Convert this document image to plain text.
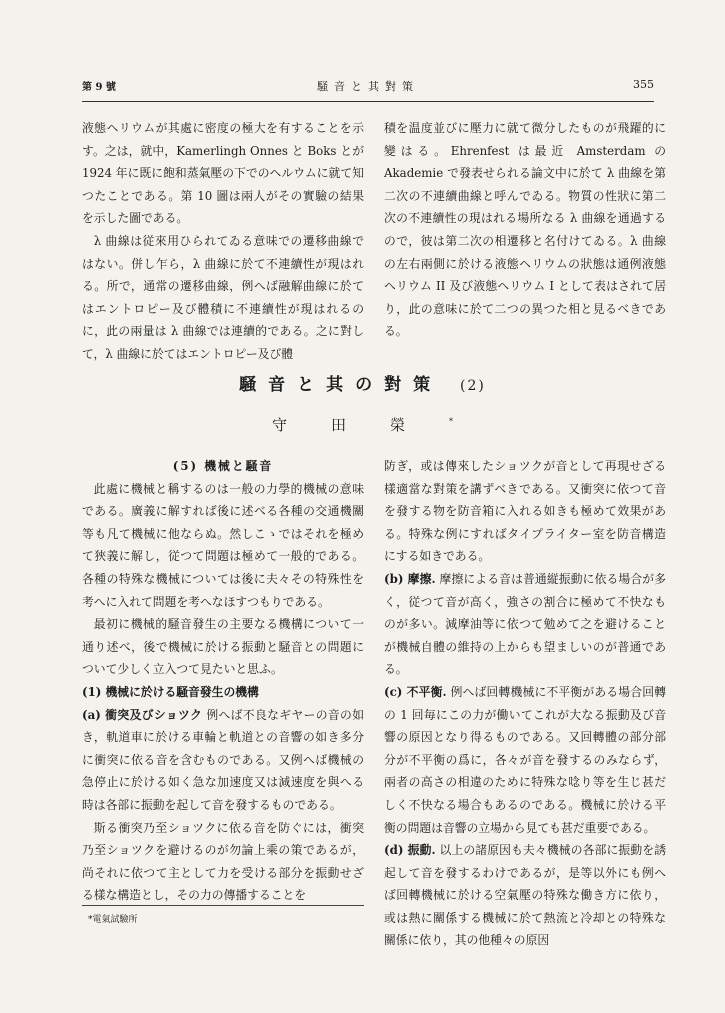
第 9 號	騒音と其對策	355

液態ヘリウムが其處に密度の極大を有することを示す。之は，就中，Kamerlingh Onnes と Boks とが 1924 年に既に飽和蒸氣壓の下でのヘルウムに就て知つたことである。第 10 圖は兩人がその實驗の結果を示した圖である。

λ 曲線は従來用ひられてゐる意味での遷移曲線ではない。併し乍ら，λ 曲線に於て不連續性が現はれる。所で，通常の遷移曲線，例へば融解曲線に於てはエントロピー及び體積に不連續性が現はれるのに，此の兩量は λ 曲線では連續的である。之に對して，λ 曲線に於てはエントロピー及び體

積を温度並びに壓力に就て微分したものが飛躍的に變はる。Ehrenfest は最近 Amsterdam の Akademie で發表せられる論文中に於て λ 曲線を第二次の不連續曲線と呼んでゐる。物質の性狀に第二次の不連續性の現はれる場所なる λ 曲線を通過するので，彼は第二次の相遷移と名付けてゐる。λ 曲線の左右兩側に於ける液態ヘリウムの狀態は通例液態ヘリウム II 及び液態ヘリウム I として表はされて居り，此の意味に於て二つの異つた相と見るべきである。

騒音と其の對策 (2)
守田榮*

(5) 機械と騒音

此處に機械と稱するのは一般の力學的機械の意味である。廣義に解すれば後に述べる各種の交通機關等も凡て機械に他ならぬ。然しこゝではそれを極めて狹義に解し，従つて問題は極めて一般的である。各種の特殊な機械については後に夫々その特殊性を考へに入れて問題を考へなほすつもりである。

最初に機械的騒音發生の主要なる機構について一通り述べ，後で機械に於ける振動と騒音との問題について少しく立入つて見たいと思ふ。

(1) 機械に於ける騒音發生の機構

(a) 衝突及びショツク 例へば不良なギヤーの音の如き，軌道車に於ける車輪と軌道との音響の如き多分に衝突に依る音を含むものである。又例へば機械の急停止に於ける如く急な加速度又は減速度を與へる時は各部に振動を起して音を發するものである。

斯る衝突乃至ショツクに依る音を防ぐには，衝突乃至ショツクを避けるのが勿論上乘の策であるが，尚それに依つて主として力を受ける部分を振動せざる樣な構造とし，その力の傳播することを

防ぎ，或は傳來したショツクが音として再現せざる樣適當な對策を講ずべきである。又衝突に依つて音を發する物を防音箱に入れる如きも極めて效果がある。特殊な例にすればタイプライター室を防音構造にする如きである。

(b) 摩擦. 摩擦による音は普通縦振動に依る場合が多く，従つて音が高く，強さの割合に極めて不快なものが多い。減摩油等に依つて勉めて之を避けることが機械自體の維持の上からも望ましいのが普通である。

(c) 不平衡. 例へば回轉機械に不平衡がある場合回轉の 1 回毎にこの力が働いてこれが大なる振動及び音響の原因となり得るものである。又回轉體の部分部分が不平衡の爲に，各々が音を發するのみならず，兩者の高さの相違のために特殊な唸り等を生じ甚だしく不快なる場合もあるのである。機械に於ける平衡の問題は音響の立場から見ても甚だ重要である。

(d) 振動. 以上の諸原因も夫々機械の各部に振動を誘起して音を發するわけであるが，是等以外にも例へば回轉機械に於ける空氣壓の特殊な働き方に依り，或は熱に關係する機械に於て熱流と冷却との特殊な關係に依り，其の他種々の原因

*電氣試驗所
